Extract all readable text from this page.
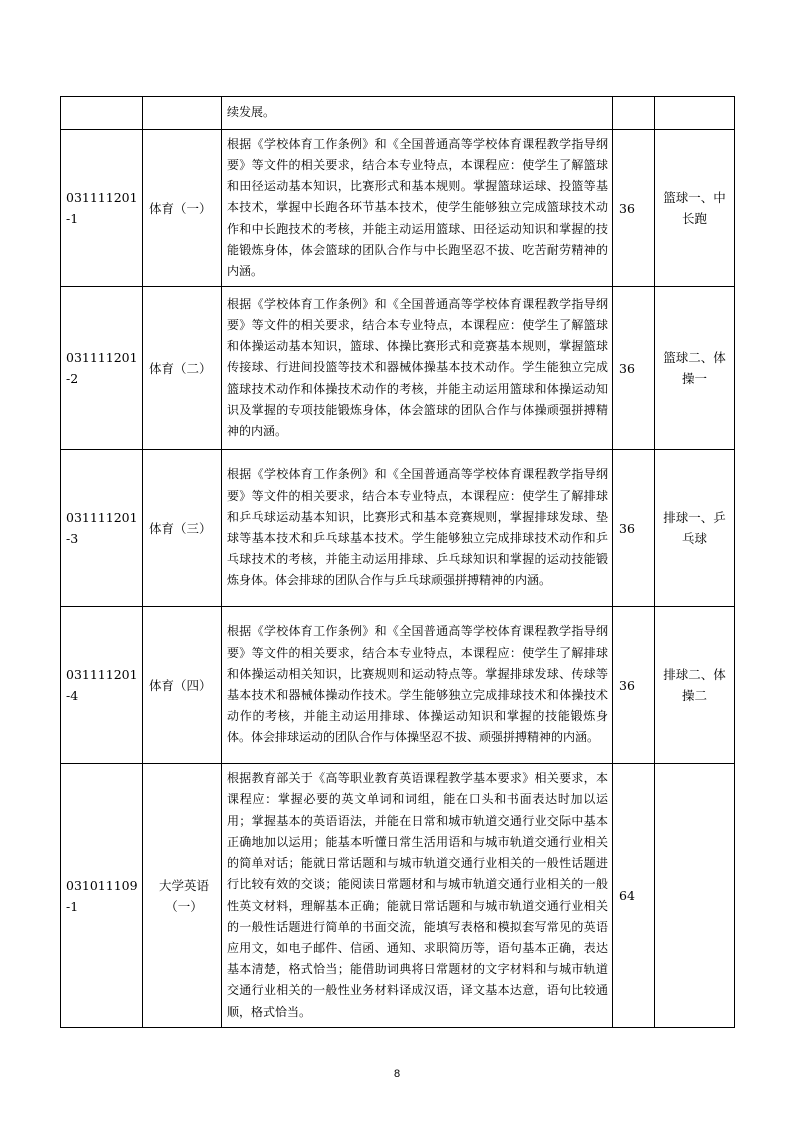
		续发展。		
031111201-1	体育（一）	根据《学校体育工作条例》和《全国普通高等学校体育课程教学指导纲要》等文件的相关要求，结合本专业特点，本课程应：使学生了解篮球和田径运动基本知识，比赛形式和基本规则。掌握篮球运球、投篮等基本技术，掌握中长跑各环节基本技术，使学生能够独立完成篮球技术动作和中长跑技术的考核，并能主动运用篮球、田径运动知识和掌握的技能锻炼身体，体会篮球的团队合作与中长跑坚忍不拔、吃苦耐劳精神的内涵。	36	篮球一、中长跑
031111201-2	体育（二）	根据《学校体育工作条例》和《全国普通高等学校体育课程教学指导纲要》等文件的相关要求，结合本专业特点，本课程应：使学生了解篮球和体操运动基本知识，篮球、体操比赛形式和竞赛基本规则，掌握篮球传接球、行进间投篮等技术和器械体操基本技术动作。学生能独立完成篮球技术动作和体操技术动作的考核，并能主动运用篮球和体操运动知识及掌握的专项技能锻炼身体，体会篮球的团队合作与体操顽强拼搏精神的内涵。	36	篮球二、体操一
031111201-3	体育（三）	根据《学校体育工作条例》和《全国普通高等学校体育课程教学指导纲要》等文件的相关要求，结合本专业特点，本课程应：使学生了解排球和乒乓球运动基本知识，比赛形式和基本竞赛规则，掌握排球发球、垫球等基本技术和乒乓球基本技术。学生能够独立完成排球技术动作和乒乓球技术的考核，并能主动运用排球、乒乓球知识和掌握的运动技能锻炼身体。体会排球的团队合作与乒乓球顽强拼搏精神的内涵。	36	排球一、乒乓球
031111201-4	体育（四）	根据《学校体育工作条例》和《全国普通高等学校体育课程教学指导纲要》等文件的相关要求，结合本专业特点，本课程应：使学生了解排球和体操运动相关知识，比赛规则和运动特点等。掌握排球发球、传球等基本技术和器械体操动作技术。学生能够独立完成排球技术和体操技术动作的考核，并能主动运用排球、体操运动知识和掌握的技能锻炼身体。体会排球运动的团队合作与体操坚忍不拔、顽强拼搏精神的内涵。	36	排球二、体操二
031011109-1	大学英语（一）	根据教育部关于《高等职业教育英语课程教学基本要求》相关要求，本课程应：掌握必要的英文单词和词组，能在口头和书面表达时加以运用；掌握基本的英语语法，并能在日常和城市轨道交通行业交际中基本正确地加以运用；能基本听懂日常生活用语和与城市轨道交通行业相关的简单对话；能就日常话题和与城市轨道交通行业相关的一般性话题进行比较有效的交谈；能阅读日常题材和与城市轨道交通行业相关的一般性英文材料，理解基本正确；能就日常话题和与城市轨道交通行业相关的一般性话题进行简单的书面交流，能填写表格和模拟套写常见的英语应用文，如电子邮件、信函、通知、求职简历等，语句基本正确，表达基本清楚，格式恰当；能借助词典将日常题材的文字材料和与城市轨道交通行业相关的一般性业务材料译成汉语，译文基本达意，语句比较通顺，格式恰当。	64	
8
